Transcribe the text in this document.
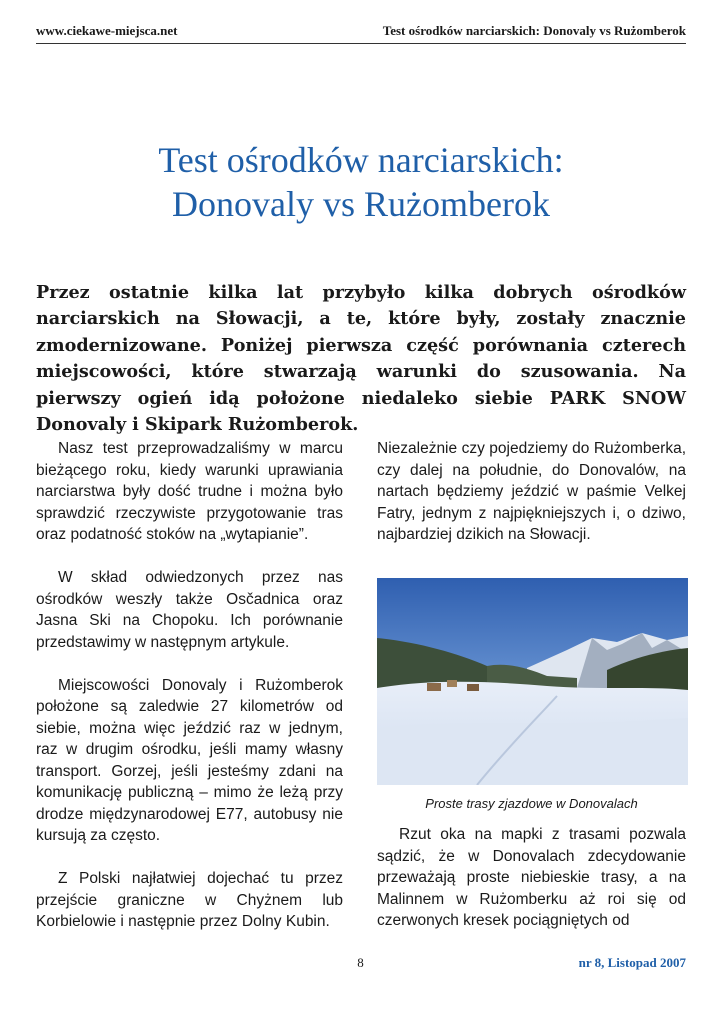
www.ciekawe-miejsca.net	Test ośrodków narciarskich: Donovaly vs Rużomberok
Test ośrodków narciarskich:
Donovaly vs Rużomberok

Przez ostatnie kilka lat przybyło kilka dobrych ośrodków narciarskich na Słowacji, a te, które były, zostały znacznie zmodernizowane. Poniżej pierwsza część porównania czterech miejscowości, które stwarzają warunki do szusowania. Na pierwszy ogień idą położone niedaleko siebie PARK SNOW Donovaly i Skipark Rużomberok.

Nasz test przeprowadzaliśmy w marcu bieżącego roku, kiedy warunki uprawiania narciarstwa były dość trudne i można było sprawdzić rzeczywiste przygotowanie tras oraz podatność stoków na „wytapianie”.

W skład odwiedzonych przez nas ośrodków weszły także Osčadnica oraz Jasna Ski na Chopoku. Ich porównanie przedstawimy w następnym artykule.

Miejscowości Donovaly i Rużomberok położone są zaledwie 27 kilometrów od siebie, można więc jeździć raz w jednym, raz w drugim ośrodku, jeśli mamy własny transport. Gorzej, jeśli jesteśmy zdani na komunikację publiczną – mimo że leżą przy drodze międzynarodowej E77, autobusy nie kursują za często.

Z Polski najłatwiej dojechać tu przez przejście graniczne w Chyżnem lub Korbielowie i następnie przez Dolny Kubin.

Niezależnie czy pojedziemy do Rużomberka, czy dalej na południe, do Donovalów, na nartach będziemy jeździć w paśmie Velkej Fatry, jednym z najpiękniejszych i, o dziwo, najbardziej dzikich na Słowacji.

Proste trasy zjazdowe w Donovalach

Rzut oka na mapki z trasami pozwala sądzić, że w Donovalach zdecydowanie przeważają proste niebieskie trasy, a na Malinnem w Rużomberku aż roi się od czerwonych kresek pociągniętych od

8	nr 8, Listopad 2007
